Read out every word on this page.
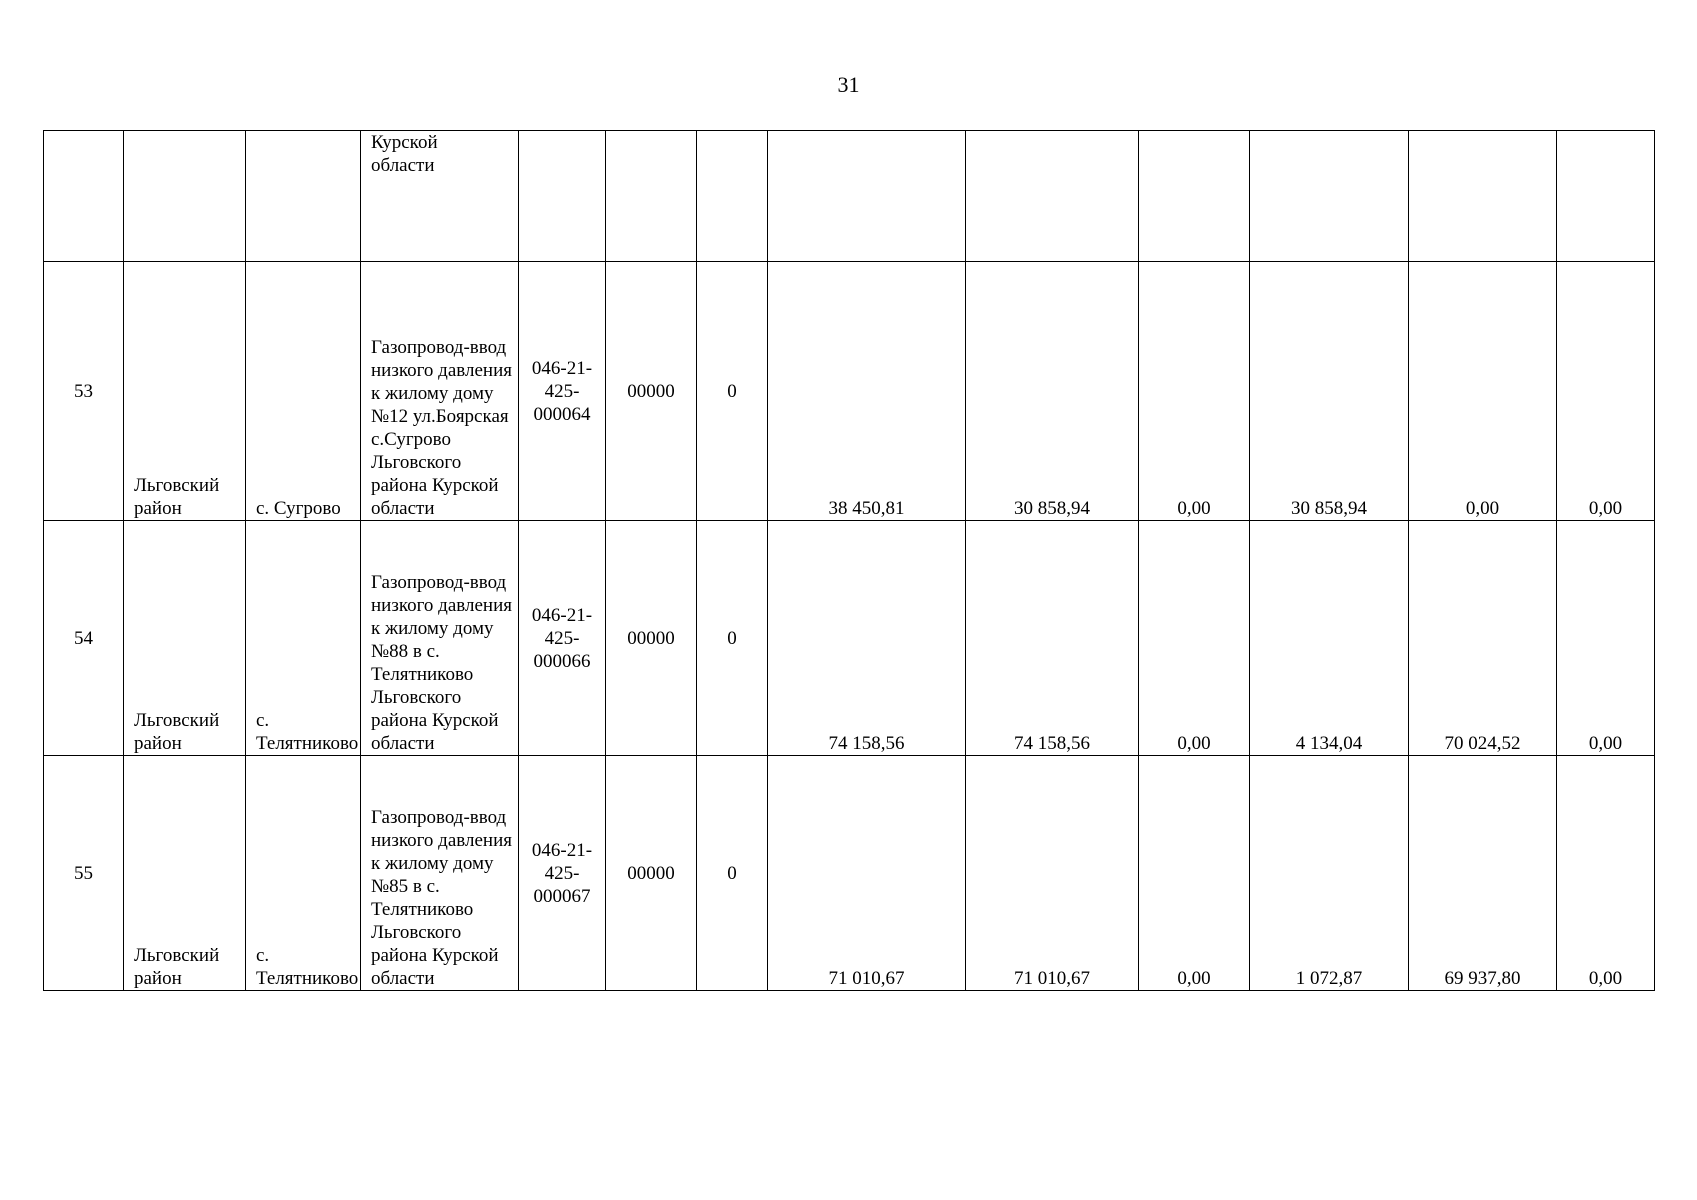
31
			Курской
области									
53	Льговский район	с. Сугрово	Газопровод-ввод низкого давления к жилому дому №12 ул.Боярская с.Сугрово Льговского района Курской области	046-21-425-000064	00000	0	38 450,81	30 858,94	0,00	30 858,94	0,00	0,00
54	Льговский район	с. Телятниково	Газопровод-ввод низкого давления к жилому дому №88 в с. Телятниково Льговского района Курской области	046-21-425-000066	00000	0	74 158,56	74 158,56	0,00	4 134,04	70 024,52	0,00
55	Льговский район	с. Телятниково	Газопровод-ввод низкого давления к жилому дому №85 в с. Телятниково Льговского района Курской области	046-21-425-000067	00000	0	71 010,67	71 010,67	0,00	1 072,87	69 937,80	0,00
